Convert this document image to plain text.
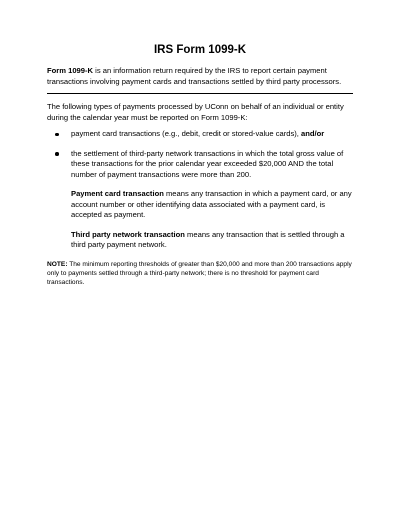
IRS Form 1099-K

Form 1099-K is an information return required by the IRS to report certain payment transactions involving payment cards and transactions settled by third party processors.

The following types of payments processed by UConn on behalf of an individual or entity during the calendar year must be reported on Form 1099-K:

payment card transactions (e.g., debit, credit or stored-value cards), and/or
the settlement of third-party network transactions in which the total gross value of these transactions for the prior calendar year exceeded $20,000 AND the total number of payment transactions were more than 200.

Payment card transaction means any transaction in which a payment card, or any account number or other identifying data associated with a payment card, is accepted as payment.

Third party network transaction means any transaction that is settled through a third party payment network.

NOTE: The minimum reporting thresholds of greater than $20,000 and more than 200 transactions apply only to payments settled through a third-party network; there is no threshold for payment card transactions.
